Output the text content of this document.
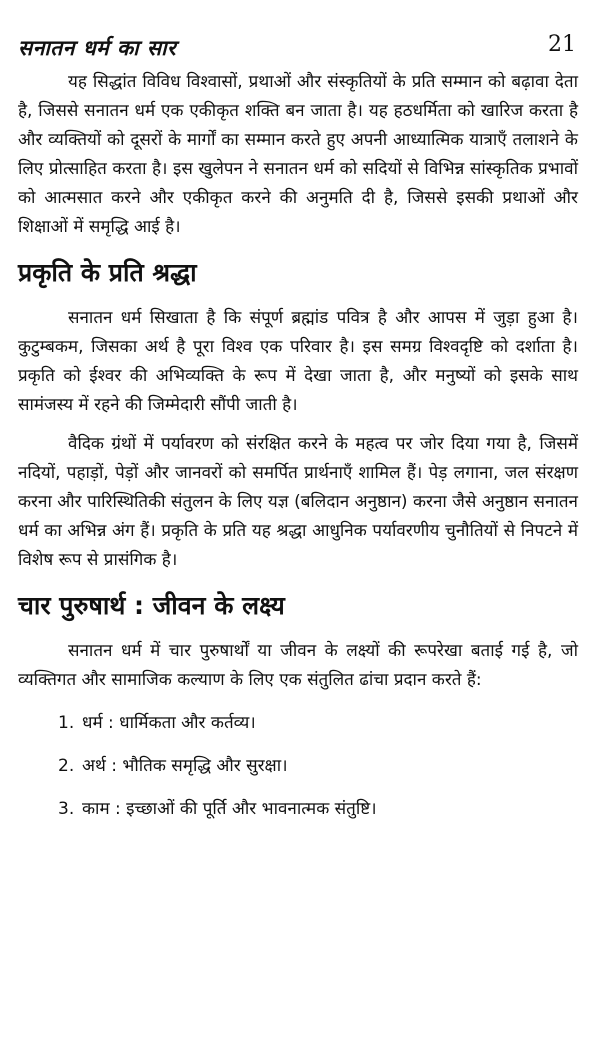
सनातन धर्म का सार	21

यह सिद्धांत विविध विश्वासों, प्रथाओं और संस्कृतियों के प्रति सम्मान को बढ़ावा देता है, जिससे सनातन धर्म एक एकीकृत शक्ति बन जाता है। यह हठधर्मिता को खारिज करता है और व्यक्तियों को दूसरों के मार्गों का सम्मान करते हुए अपनी आध्यात्मिक यात्राएँ तलाशने के लिए प्रोत्साहित करता है। इस खुलेपन ने सनातन धर्म को सदियों से विभिन्न सांस्कृतिक प्रभावों को आत्मसात करने और एकीकृत करने की अनुमति दी है, जिससे इसकी प्रथाओं और शिक्षाओं में समृद्धि आई है।

प्रकृति के प्रति श्रद्धा

सनातन धर्म सिखाता है कि संपूर्ण ब्रह्मांड पवित्र है और आपस में जुड़ा हुआ है। कुटुम्बकम, जिसका अर्थ है पूरा विश्व एक परिवार है। इस समग्र विश्वदृष्टि को दर्शाता है। प्रकृति को ईश्वर की अभिव्यक्ति के रूप में देखा जाता है, और मनुष्यों को इसके साथ सामंजस्य में रहने की जिम्मेदारी सौंपी जाती है।

वैदिक ग्रंथों में पर्यावरण को संरक्षित करने के महत्व पर जोर दिया गया है, जिसमें नदियों, पहाड़ों, पेड़ों और जानवरों को समर्पित प्रार्थनाएँ शामिल हैं। पेड़ लगाना, जल संरक्षण करना और पारिस्थितिकी संतुलन के लिए यज्ञ (बलिदान अनुष्ठान) करना जैसे अनुष्ठान सनातन धर्म का अभिन्न अंग हैं। प्रकृति के प्रति यह श्रद्धा आधुनिक पर्यावरणीय चुनौतियों से निपटने में विशेष रूप से प्रासंगिक है।

चार पुरुषार्थ : जीवन के लक्ष्य

सनातन धर्म में चार पुरुषार्थों या जीवन के लक्ष्यों की रूपरेखा बताई गई है, जो व्यक्तिगत और सामाजिक कल्याण के लिए एक संतुलित ढांचा प्रदान करते हैं:

1. धर्म : धार्मिकता और कर्तव्य।
2. अर्थ : भौतिक समृद्धि और सुरक्षा।
3. काम : इच्छाओं की पूर्ति और भावनात्मक संतुष्टि।
